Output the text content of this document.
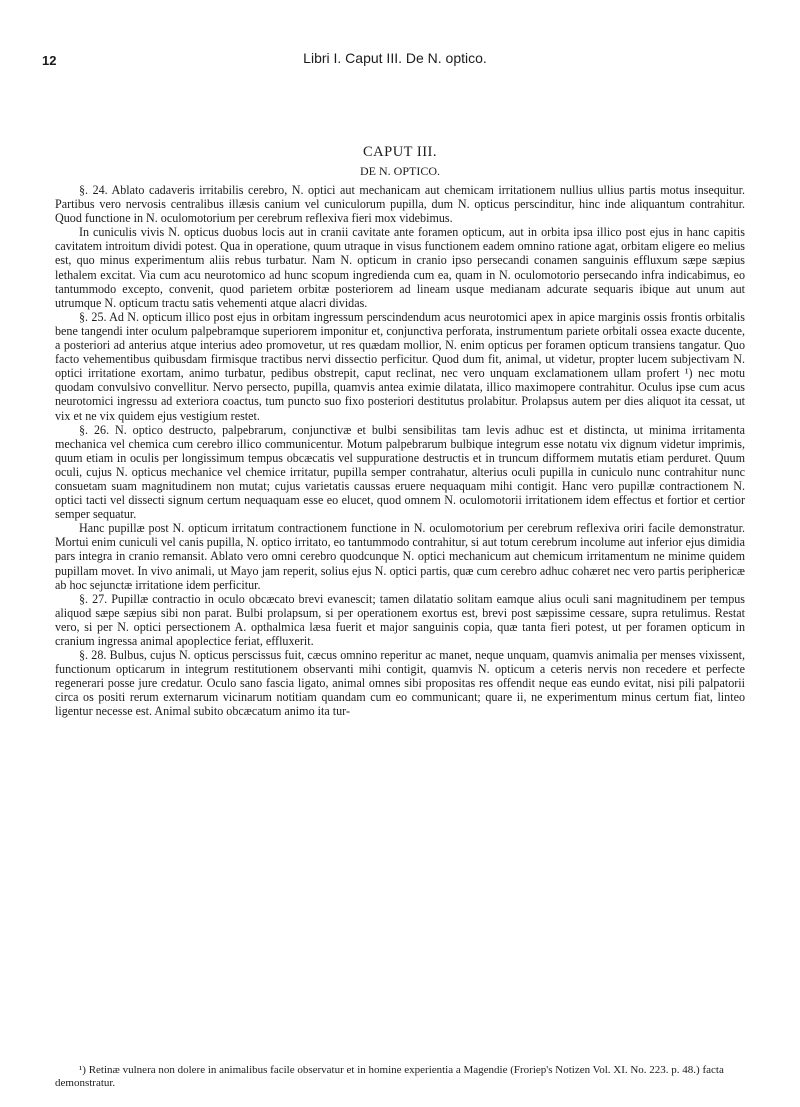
12	Libri I. Caput III. De N. optico.
CAPUT III.
DE N. OPTICO.

§. 24. Ablato cadaveris irritabilis cerebro, N. optici aut mechanicam aut chemicam irritationem nullius ullius partis motus insequitur. Partibus vero nervosis centralibus illæsis canium vel cuniculorum pupilla, dum N. opticus perscinditur, hinc inde aliquantum contrahitur. Quod functione in N. oculomotorium per cerebrum reflexiva fieri mox videbimus.

In cuniculis vivis N. opticus duobus locis aut in cranii cavitate ante foramen opticum, aut in orbita ipsa illico post ejus in hanc capitis cavitatem introitum dividi potest. Qua in operatione, quum utraque in visus functionem eadem omnino ratione agat, orbitam eligere eo melius est, quo minus experimentum aliis rebus turbatur. Nam N. opticum in cranio ipso persecandi conamen sanguinis effluxum sæpe sæpius lethalem excitat. Via cum acu neurotomico ad hunc scopum ingredienda cum ea, quam in N. oculomotorio persecando infra indicabimus, eo tantummodo excepto, convenit, quod parietem orbitæ posteriorem ad lineam usque medianam adcurate sequaris ibique aut unum aut utrumque N. opticum tractu satis vehementi atque alacri dividas.

§. 25. Ad N. opticum illico post ejus in orbitam ingressum perscindendum acus neurotomici apex in apice marginis ossis frontis orbitalis bene tangendi inter oculum palpebramque superiorem imponitur et, conjunctiva perforata, instrumentum pariete orbitali ossea exacte ducente, a posteriori ad anterius atque interius adeo promovetur, ut res quædam mollior, N. enim opticus per foramen opticum transiens tangatur. Quo facto vehementibus quibusdam firmisque tractibus nervi dissectio perficitur. Quod dum fit, animal, ut videtur, propter lucem subjectivam N. optici irritatione exortam, animo turbatur, pedibus obstrepit, caput reclinat, nec vero unquam exclamationem ullam profert ¹) nec motu quodam convulsivo convellitur. Nervo persecto, pupilla, quamvis antea eximie dilatata, illico maximopere contrahitur. Oculus ipse cum acus neurotomici ingressu ad exteriora coactus, tum puncto suo fixo posteriori destitutus prolabitur. Prolapsus autem per dies aliquot ita cessat, ut vix et ne vix quidem ejus vestigium restet.

§. 26. N. optico destructo, palpebrarum, conjunctivæ et bulbi sensibilitas tam levis adhuc est et distincta, ut minima irritamenta mechanica vel chemica cum cerebro illico communicentur. Motum palpebrarum bulbique integrum esse notatu vix dignum videtur imprimis, quum etiam in oculis per longissimum tempus obcæcatis vel suppuratione destructis et in truncum difformem mutatis etiam perduret. Quum oculi, cujus N. opticus mechanice vel chemice irritatur, pupilla semper contrahatur, alterius oculi pupilla in cuniculo nunc contrahitur nunc consuetam suam magnitudinem non mutat; cujus varietatis caussas eruere nequaquam mihi contigit. Hanc vero pupillæ contractionem N. optici tacti vel dissecti signum certum nequaquam esse eo elucet, quod omnem N. oculomotorii irritationem idem effectus et fortior et certior semper sequatur.

Hanc pupillæ post N. opticum irritatum contractionem functione in N. oculomotorium per cerebrum reflexiva oriri facile demonstratur. Mortui enim cuniculi vel canis pupilla, N. optico irritato, eo tantummodo contrahitur, si aut totum cerebrum incolume aut inferior ejus dimidia pars integra in cranio remansit. Ablato vero omni cerebro quodcunque N. optici mechanicum aut chemicum irritamentum ne minime quidem pupillam movet. In vivo animali, ut Mayo jam reperit, solius ejus N. optici partis, quæ cum cerebro adhuc cohæret nec vero partis periphericæ ab hoc sejunctæ irritatione idem perficitur.

§. 27. Pupillæ contractio in oculo obcæcato brevi evanescit; tamen dilatatio solitam eamque alius oculi sani magnitudinem per tempus aliquod sæpe sæpius sibi non parat. Bulbi prolapsum, si per operationem exortus est, brevi post sæpissime cessare, supra retulimus. Restat vero, si per N. optici persectionem A. opthalmica læsa fuerit et major sanguinis copia, quæ tanta fieri potest, ut per foramen opticum in cranium ingressa animal apoplectice feriat, effluxerit.

§. 28. Bulbus, cujus N. opticus perscissus fuit, cæcus omnino reperitur ac manet, neque unquam, quamvis animalia per menses vixissent, functionum opticarum in integrum restitutionem observanti mihi contigit, quamvis N. opticum a ceteris nervis non recedere et perfecte regenerari posse jure credatur. Oculo sano fascia ligato, animal omnes sibi propositas res offendit neque eas eundo evitat, nisi pili palpatorii circa os positi rerum externarum vicinarum notitiam quandam cum eo communicant; quare ii, ne experimentum minus certum fiat, linteo ligentur necesse est. Animal subito obcæcatum animo ita tur-

¹) Retinæ vulnera non dolere in animalibus facile observatur et in homine experientia a Magendie (Froriep's Notizen Vol. XI. No. 223. p. 48.) facta demonstratur.
